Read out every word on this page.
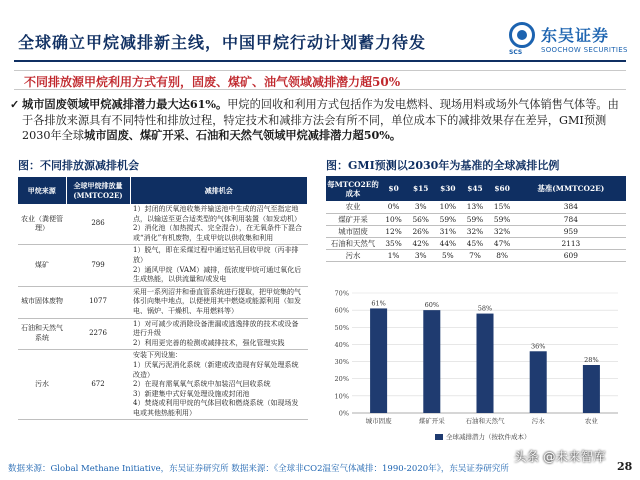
全球确立甲烷减排新主线，中国甲烷行动计划蓄力待发	东吴证券
SOOCHOW SECURITIES
SCS
不同排放源甲烷利用方式有别，固废、煤矿、油气领域减排潜力超50%
✓ 城市固废领域甲烷减排潜力最大达61%。甲烷的回收和利用方式包括作为发电燃料、现场用料或场外气体销售气体等。由于各排放来源具有不同特性和排放过程，特定技术和减排方法会有所不同，单位成本下的减排效果存在差异，GMI预测2030年全球城市固废、煤矿开采、石油和天然气领域甲烷减排潜力超50%。
图：不同排放源减排机会	图：GMI预测以2030年为基准的全球减排比例
甲烷来源	全球甲烷排放量(MMTCO2E)	减排机会
农业（粪便管理）	286	1）封闭的厌氧池收集并输送池中生成的沼气至指定地点，以输送至更合适类型的气体利用装置（如发动机）
2）消化池（加热搅式、完全混合），在无氧条件下混合或“消化”有机废物，生成甲烷以供收集和利用
煤矿	799	1）脱气，即在采煤过程中通过钻孔回收甲烷（丙非排放）
2）通风甲烷（VAM）减排，低浓度甲烷可通过氧化后生成热能，以供流量和/或发电
城市固体废物	1077	采用一系列沼井和垂直管系统进行提取，把甲烷集的气体引向集中地点，以便使用其中燃烧或能源利用（如发电、锅炉、干燥机、车用燃料等）
石油和天然气系统	2276	1）对可减少或消除设备泄漏或逃逸排放的技术或设备进行升级
2）利用更完善的检测或减排技术，强化管理实践
污水	672	安装下列设施：
1）厌氧污泥消化系统（新建或改造现有好氧处理系统改造）
2）在现有需氧氧气系统中加装沼气回收系统
3）新建集中式好氧处理设施或封闭池
4）焚烧或利用甲烷的气体回收和燃烧系统（如现场发电或其他热能利用）
每MTCO2E的成本	$0	$15	$30	$45	$60	基准(MMTCO2E)
农业	0%	3%	10%	13%	15%	384
煤矿开采	10%	56%	59%	59%	59%	784
城市固废	12%	26%	31%	32%	32%	959
石油和天然气	35%	42%	44%	45%	47%	2113
污水	1%	3%	5%	7%	8%	609
0%
10%
20%
30%
40%
50%
60%
70%
61%
城市固废
60%
煤矿开采
58%
石油和天然气
36%
污水
28%
农业
全球减排潜力（按软件成本）
数据来源：Global Methane Initiative，东吴证券研究所 数据来源：《全球非CO2温室气体减排：1990-2020年》，东吴证券研究所	28
头条 @未来智库
